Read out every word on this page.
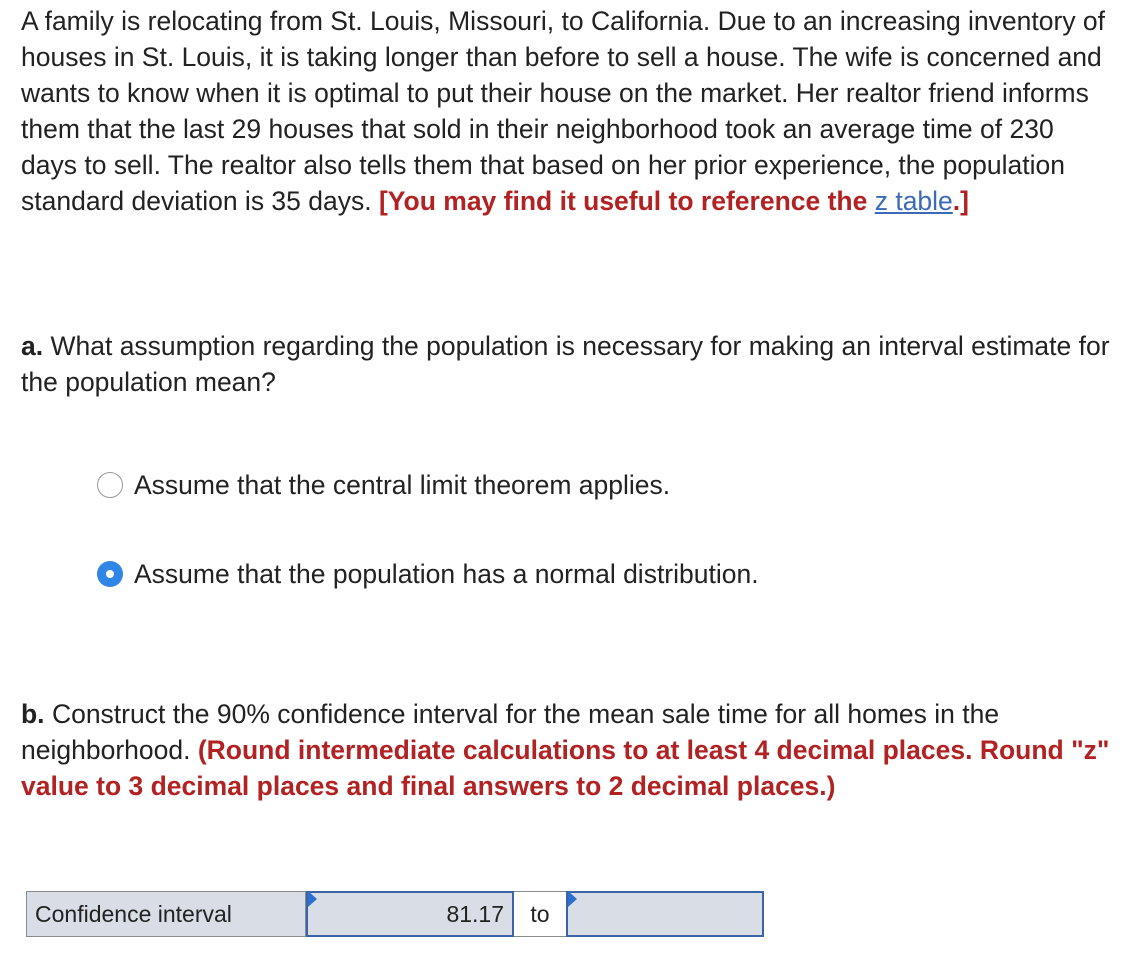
A family is relocating from St. Louis, Missouri, to California. Due to an increasing inventory of houses in St. Louis, it is taking longer than before to sell a house. The wife is concerned and wants to know when it is optimal to put their house on the market. Her realtor friend informs them that the last 29 houses that sold in their neighborhood took an average time of 230 days to sell. The realtor also tells them that based on her prior experience, the population standard deviation is 35 days. [You may find it useful to reference the z table.]
a. What assumption regarding the population is necessary for making an interval estimate for the population mean?
Assume that the central limit theorem applies.
Assume that the population has a normal distribution.
b. Construct the 90% confidence interval for the mean sale time for all homes in the neighborhood. (Round intermediate calculations to at least 4 decimal places. Round "z" value to 3 decimal places and final answers to 2 decimal places.)
Confidence interval	81.17	to
